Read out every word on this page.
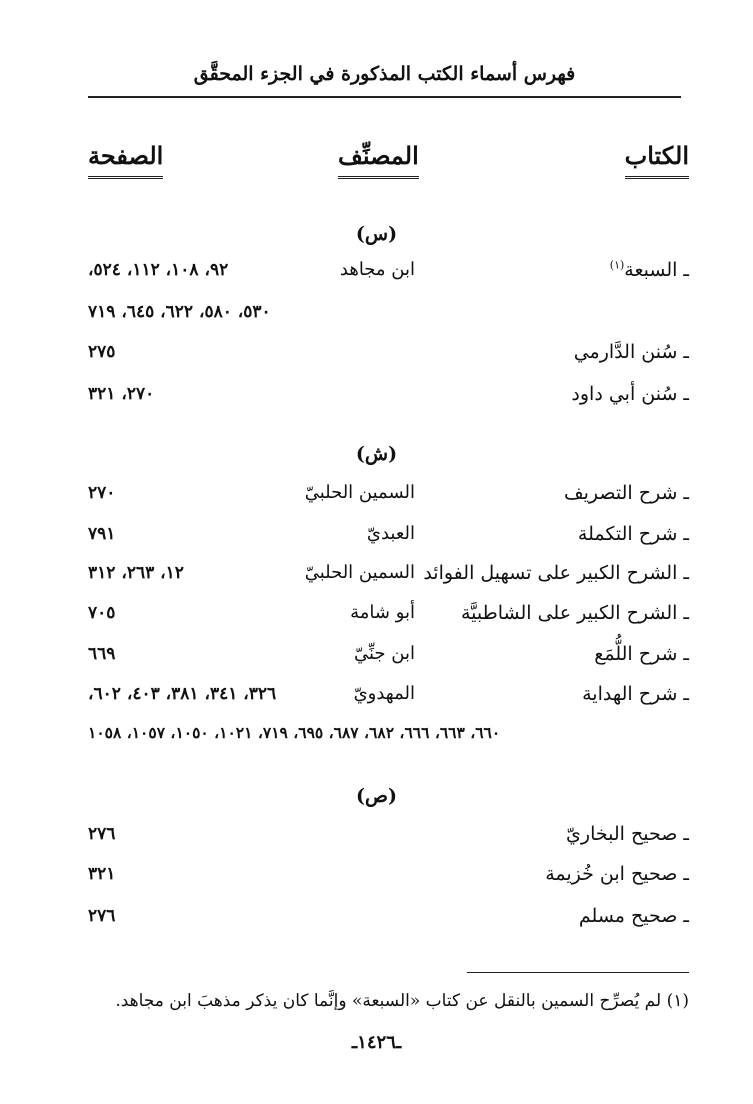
فهرس أسماء الكتب المذكورة في الجزء المحقَّق
الكتاب
المصنِّف
الصفحة
(س)
ـ السبعة$^{(١)}$
ابن مجاهد
٩٢، ١٠٨، ١١٢، ٥٢٤،
٥٣٠، ٥٨٠، ٦٢٢، ٦٤٥، ٧١٩
ـ سُنن الدَّارمي
٢٧٥
ـ سُنن أبي داود
٢٧٠، ٣٢١
(ش)
ـ شرح التصريف
السمين الحلبيّ
٢٧٠
ـ شرح التكملة
العبديّ
٧٩١
ـ الشرح الكبير على تسهيل الفوائد
السمين الحلبيّ
١٢، ٢٦٣، ٣١٢
ـ الشرح الكبير على الشاطبيَّة
أبو شامة
٧٠٥
ـ شرح اللُّمَع
ابن جنِّيّ
٦٦٩
ـ شرح الهداية
المهدويّ
٣٢٦، ٣٤١، ٣٨١، ٤٠٣، ٦٠٢،
٦٦٠، ٦٦٣، ٦٦٦، ٦٨٢، ٦٨٧، ٦٩٥، ٧١٩، ١٠٢١، ١٠٥٠، ١٠٥٧، ١٠٥٨
(ص)
ـ صحيح البخاريّ
٢٧٦
ـ صحيح ابن خُزيمة
٣٢١
ـ صحيح مسلم
٢٧٦
(١) لم يُصرِّح السمين بالنقل عن كتاب «السبعة» وإنَّما كان يذكر مذهبَ ابن مجاهد.
ـ١٤٢٦ـ
